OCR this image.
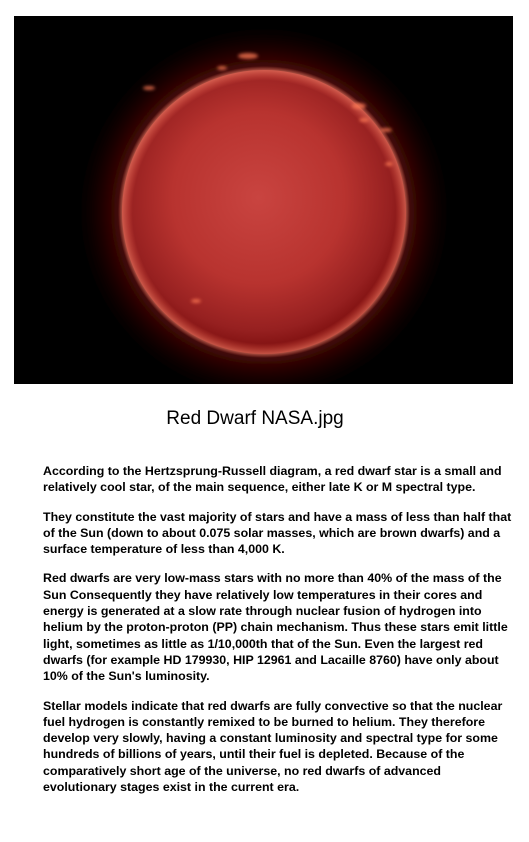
Red Dwarf NASA.jpg

According to the Hertzsprung-Russell diagram, a red dwarf star is a small and relatively cool star, of the main sequence, either late K or M spectral type.

They constitute the vast majority of stars and have a mass of less than half that of the Sun (down to about 0.075 solar masses, which are brown dwarfs) and a surface temperature of less than 4,000 K.

Red dwarfs are very low-mass stars with no more than 40% of the mass of the Sun Consequently they have relatively low temperatures in their cores and energy is generated at a slow rate through nuclear fusion of hydrogen into helium by the proton-proton (PP) chain mechanism. Thus these stars emit little light, sometimes as little as 1/10,000th that of the Sun. Even the largest red dwarfs (for example HD 179930, HIP 12961 and Lacaille 8760) have only about 10% of the Sun's luminosity.

Stellar models indicate that red dwarfs are fully convective so that the nuclear fuel hydrogen is constantly remixed to be burned to helium. They therefore develop very slowly, having a constant luminosity and spectral type for some hundreds of billions of years, until their fuel is depleted. Because of the comparatively short age of the universe, no red dwarfs of advanced evolutionary stages exist in the current era.
